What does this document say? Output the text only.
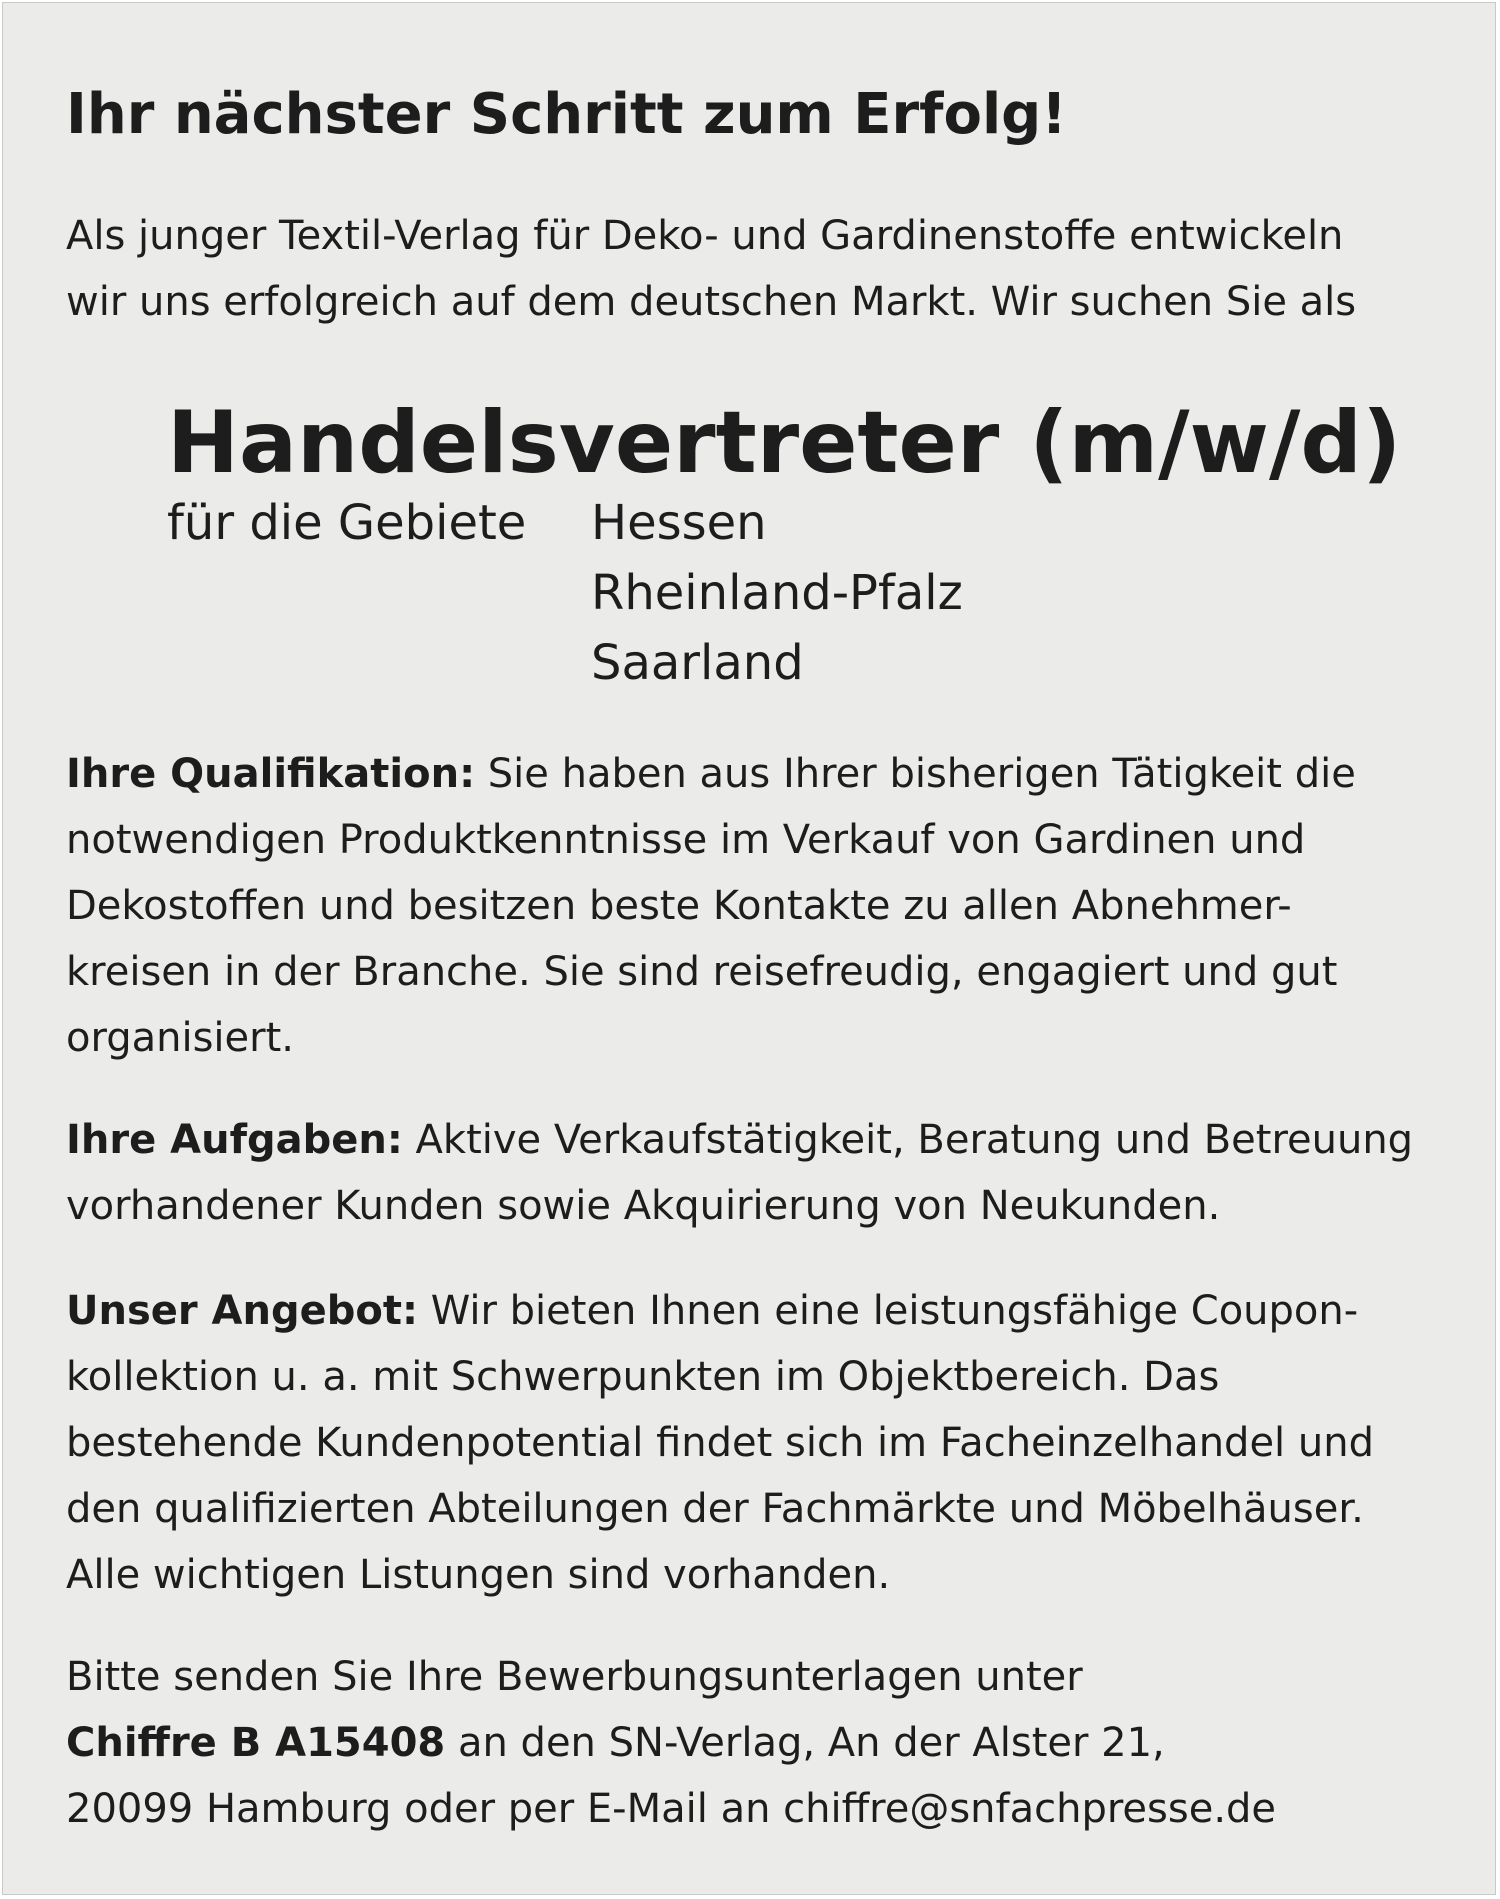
Ihr nächster Schritt zum Erfolg!

Als junger Textil-Verlag für Deko- und Gardinenstoffe entwickeln
wir uns erfolgreich auf dem deutschen Markt. Wir suchen Sie als

Handelsvertreter (m/w/d)

für die Gebiete Hessen
Rheinland-Pfalz
Saarland

Ihre Qualifikation: Sie haben aus Ihrer bisherigen Tätigkeit die
notwendigen Produktkenntnisse im Verkauf von Gardinen und
Dekostoffen und besitzen beste Kontakte zu allen Abnehmer-
kreisen in der Branche. Sie sind reisefreudig, engagiert und gut
organisiert.

Ihre Aufgaben: Aktive Verkaufstätigkeit, Beratung und Betreuung
vorhandener Kunden sowie Akquirierung von Neukunden.

Unser Angebot: Wir bieten Ihnen eine leistungsfähige Coupon-
kollektion u. a. mit Schwerpunkten im Objektbereich. Das
bestehende Kundenpotential findet sich im Facheinzelhandel und
den qualifizierten Abteilungen der Fachmärkte und Möbelhäuser.
Alle wichtigen Listungen sind vorhanden.

Bitte senden Sie Ihre Bewerbungsunterlagen unter
Chiffre B A15408 an den SN-Verlag, An der Alster 21,
20099 Hamburg oder per E-Mail an chiffre@snfachpresse.de
